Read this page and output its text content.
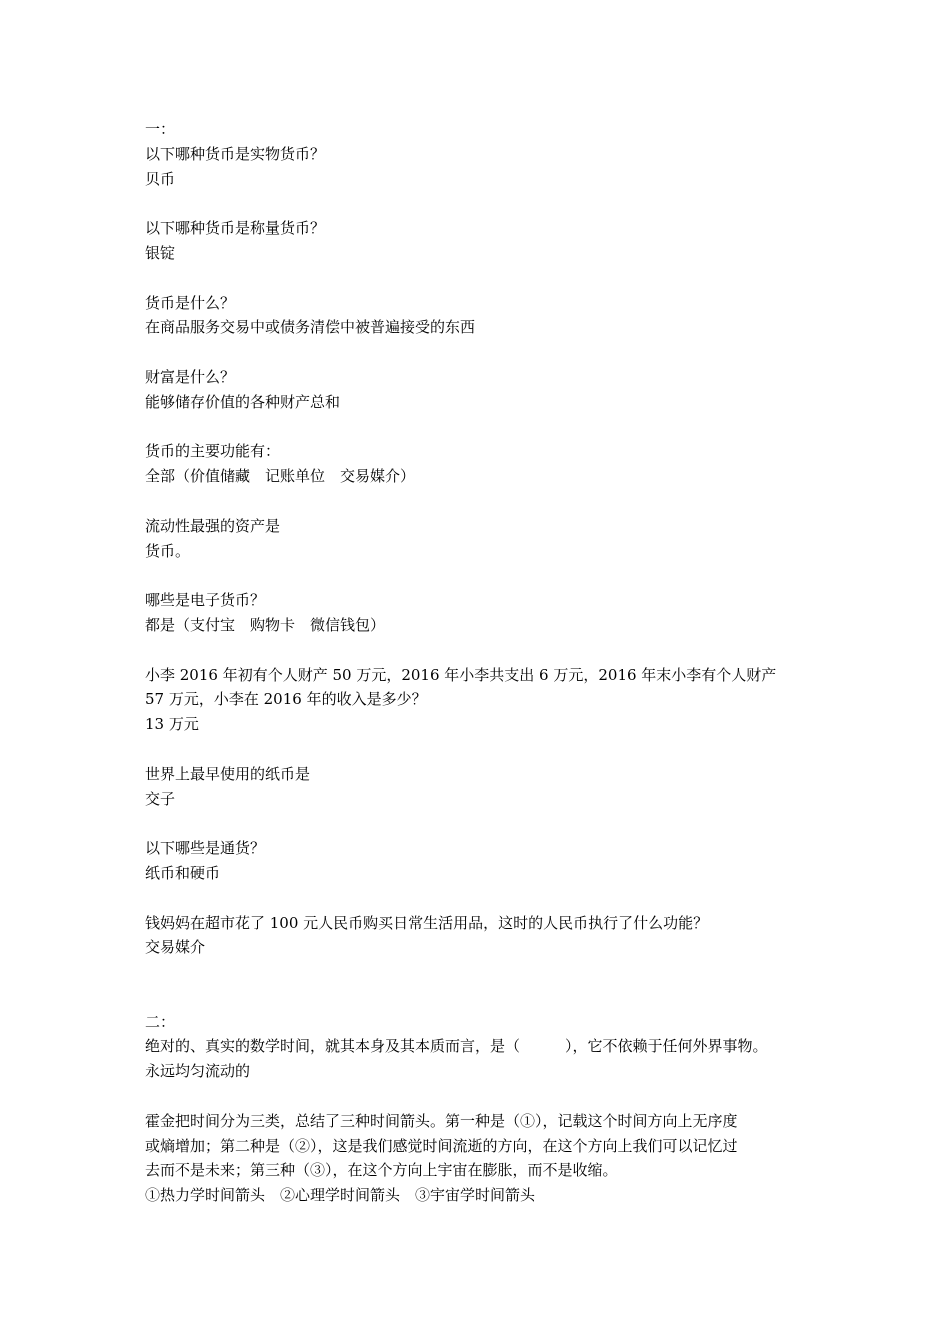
一：
以下哪种货币是实物货币？
贝币
以下哪种货币是称量货币？
银锭
货币是什么？
在商品服务交易中或债务清偿中被普遍接受的东西
财富是什么？
能够储存价值的各种财产总和
货币的主要功能有：
全部（价值储藏　记账单位　交易媒介）
流动性最强的资产是
货币。
哪些是电子货币？
都是（支付宝　购物卡　微信钱包）
小李 2016 年初有个人财产 50 万元，2016 年小李共支出 6 万元，2016 年末小李有个人财产
57 万元，小李在 2016 年的收入是多少？
13 万元
世界上最早使用的纸币是
交子
以下哪些是通货？
纸币和硬币
钱妈妈在超市花了 100 元人民币购买日常生活用品，这时的人民币执行了什么功能？
交易媒介
二：
绝对的、真实的数学时间，就其本身及其本质而言，是（　　　），它不依赖于任何外界事物。
永远均匀流动的
霍金把时间分为三类，总结了三种时间箭头。第一种是（①），记载这个时间方向上无序度
或熵增加；第二种是（②），这是我们感觉时间流逝的方向，在这个方向上我们可以记忆过
去而不是未来；第三种（③），在这个方向上宇宙在膨胀，而不是收缩。
①热力学时间箭头　②心理学时间箭头　③宇宙学时间箭头
